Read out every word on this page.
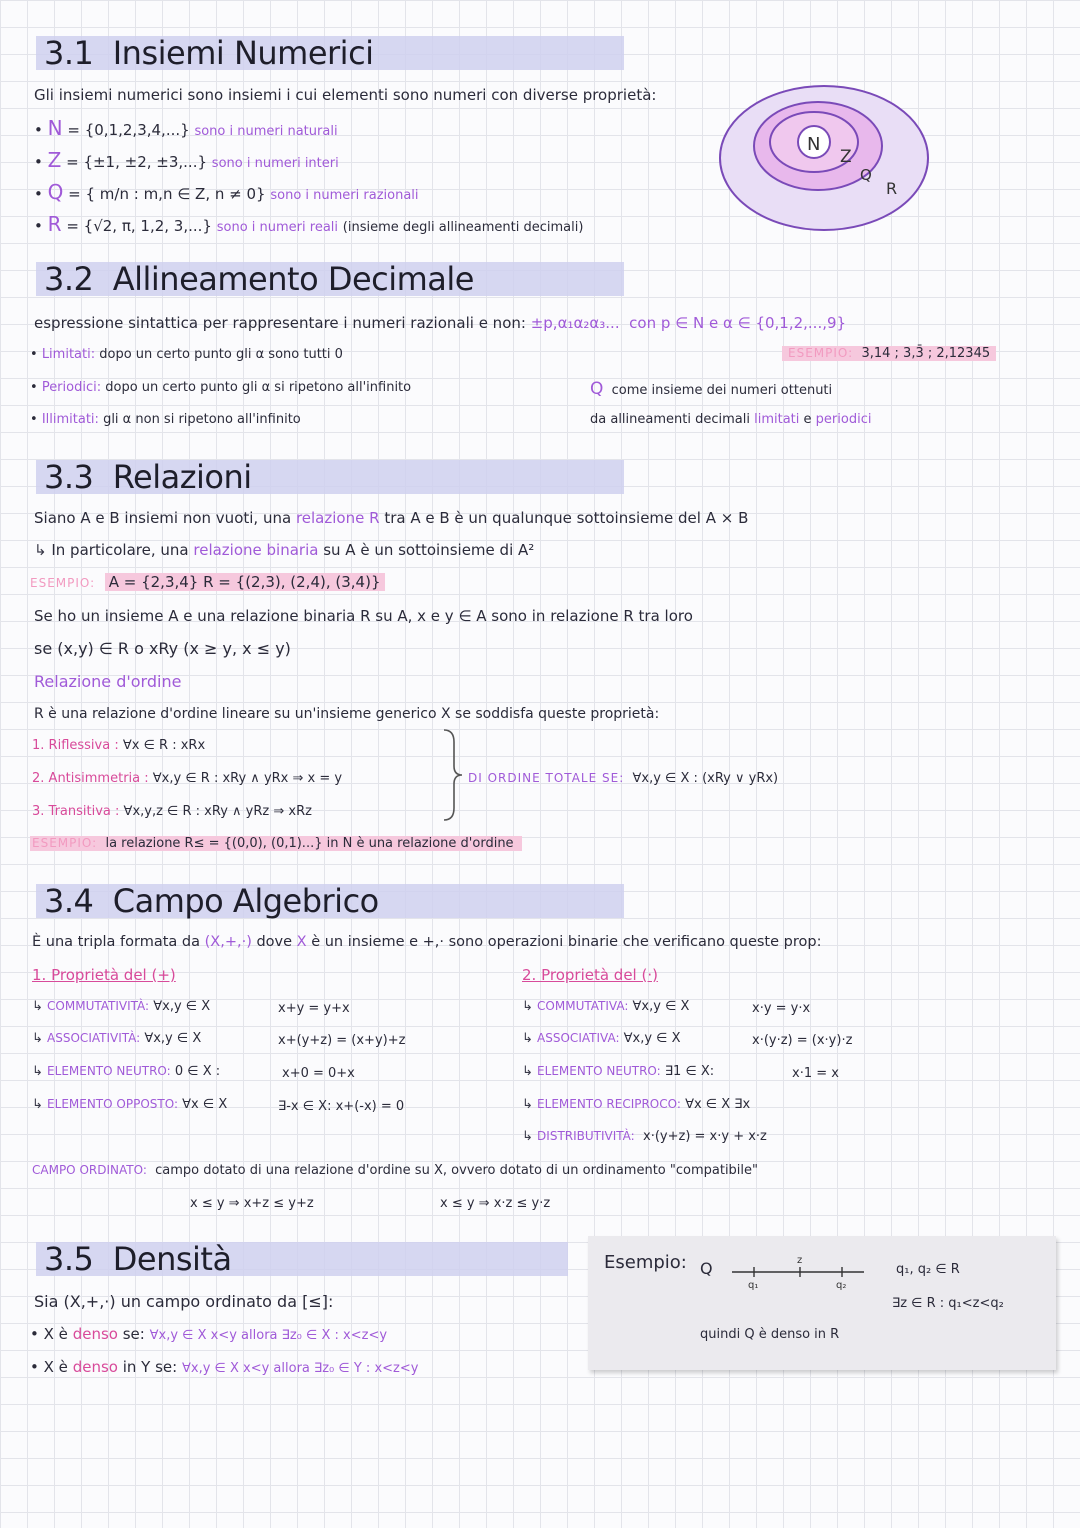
3.1 Insiemi Numerici
Gli insiemi numerici sono insiemi i cui elementi sono numeri con diverse proprietà:
• N = {0,1,2,3,4,...} sono i numeri naturali
• Z = {±1, ±2, ±3,...} sono i numeri interi
• Q = { m/n : m,n ∈ Z, n ≠ 0} sono i numeri razionali
• R = {√2, π, 1,2, 3,...} sono i numeri reali (insieme degli allineamenti decimali)
N
Z
Q
R
3.2 Allineamento Decimale
espressione sintattica per rappresentare i numeri razionali e non: ±p,α₁α₂α₃... con p ∈ N e α ∈ {0,1,2,...,9}
• Limitati: dopo un certo punto gli α sono tutti 0	ESEMPIO: 3,14 ; 3,3̄ ; 2,12345
• Periodici: dopo un certo punto gli α si ripetono all'infinito
• Illimitati: gli α non si ripetono all'infinito
Q come insieme dei numeri ottenuti
da allineamenti decimali limitati e periodici
3.3 Relazioni
Siano A e B insiemi non vuoti, una relazione R tra A e B è un qualunque sottoinsieme del A × B
↳ In particolare, una relazione binaria su A è un sottoinsieme di A²
ESEMPIO: A = {2,3,4} R = {(2,3), (2,4), (3,4)}
Se ho un insieme A e una relazione binaria R su A, x e y ∈ A sono in relazione R tra loro
se (x,y) ∈ R o xRy (x ≥ y, x ≤ y)
Relazione d'ordine
R è una relazione d'ordine lineare su un'insieme generico X se soddisfa queste proprietà:
1. Riflessiva : ∀x ∈ R : xRx
2. Antisimmetria : ∀x,y ∈ R : xRy ∧ yRx ⇒ x = y
3. Transitiva : ∀x,y,z ∈ R : xRy ∧ yRz ⇒ xRz
DI ORDINE TOTALE SE: ∀x,y ∈ X : (xRy ∨ yRx)
ESEMPIO: la relazione R≤ = {(0,0), (0,1)...} in N è una relazione d'ordine
3.4 Campo Algebrico
È una tripla formata da (X,+,·) dove X è un insieme e +,· sono operazioni binarie che verificano queste prop:
1. Proprietà del (+)
↳ COMMUTATIVITÀ: ∀x,y ∈ X	x+y = y+x
↳ ASSOCIATIVITÀ: ∀x,y ∈ X	x+(y+z) = (x+y)+z
↳ ELEMENTO NEUTRO: 0 ∈ X :	x+0 = 0+x
↳ ELEMENTO OPPOSTO: ∀x ∈ X	∃-x ∈ X: x+(-x) = 0
2. Proprietà del (·)
↳ COMMUTATIVA: ∀x,y ∈ X	x·y = y·x
↳ ASSOCIATIVA: ∀x,y ∈ X	x·(y·z) = (x·y)·z
↳ ELEMENTO NEUTRO: ∃1 ∈ X:	x·1 = x
↳ ELEMENTO RECIPROCO: ∀x ∈ X ∃x
↳ DISTRIBUTIVITÀ: x·(y+z) = x·y + x·z
CAMPO ORDINATO: campo dotato di una relazione d'ordine su X, ovvero dotato di un ordinamento "compatibile"
x ≤ y ⇒ x+z ≤ y+z	x ≤ y ⇒ x·z ≤ y·z
3.5 Densità
Sia (X,+,·) un campo ordinato da [≤]:
• X è denso se: ∀x,y ∈ X x<y allora ∃z₀ ∈ X : x<z<y
• X è denso in Y se: ∀x,y ∈ X x<y allora ∃z₀ ∈ Y : x<z<y
Esempio: Q	z
q₁	q₂
q₁, q₂ ∈ R
∃z ∈ R : q₁<z<q₂
quindi Q è denso in R
